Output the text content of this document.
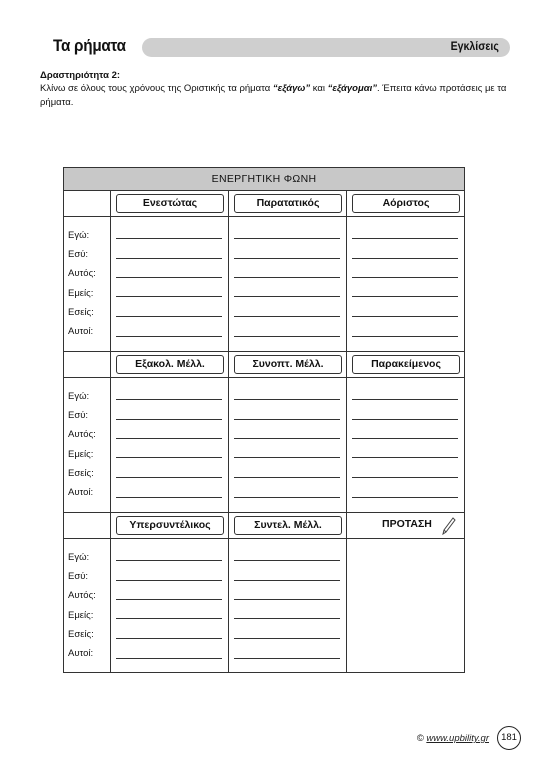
Τα ρήματα	Εγκλίσεις
Δραστηριότητα 2:
Κλίνω σε όλους τους χρόνους της Οριστικής τα ρήματα “εξάγω” και “εξάγομαι”. Έπειτα κάνω προτάσεις με τα ρήματα.
ΕΝΕΡΓΗΤΙΚΗ ΦΩΝΗ
Ενεστώτας	Παρατατικός	Αόριστος
Εγώ:
Εσύ:
Αυτός:
Εμείς:
Εσείς:
Αυτοί:
Εξακολ. Μέλλ.	Συνοπτ. Μέλλ.	Παρακείμενος
Εγώ:
Εσύ:
Αυτός:
Εμείς:
Εσείς:
Αυτοί:
Υπερσυντέλικος	Συντελ. Μέλλ.	ΠΡΟΤΑΣΗ
Εγώ:
Εσύ:
Αυτός:
Εμείς:
Εσείς:
Αυτοί:
© www.upbility.gr	181
